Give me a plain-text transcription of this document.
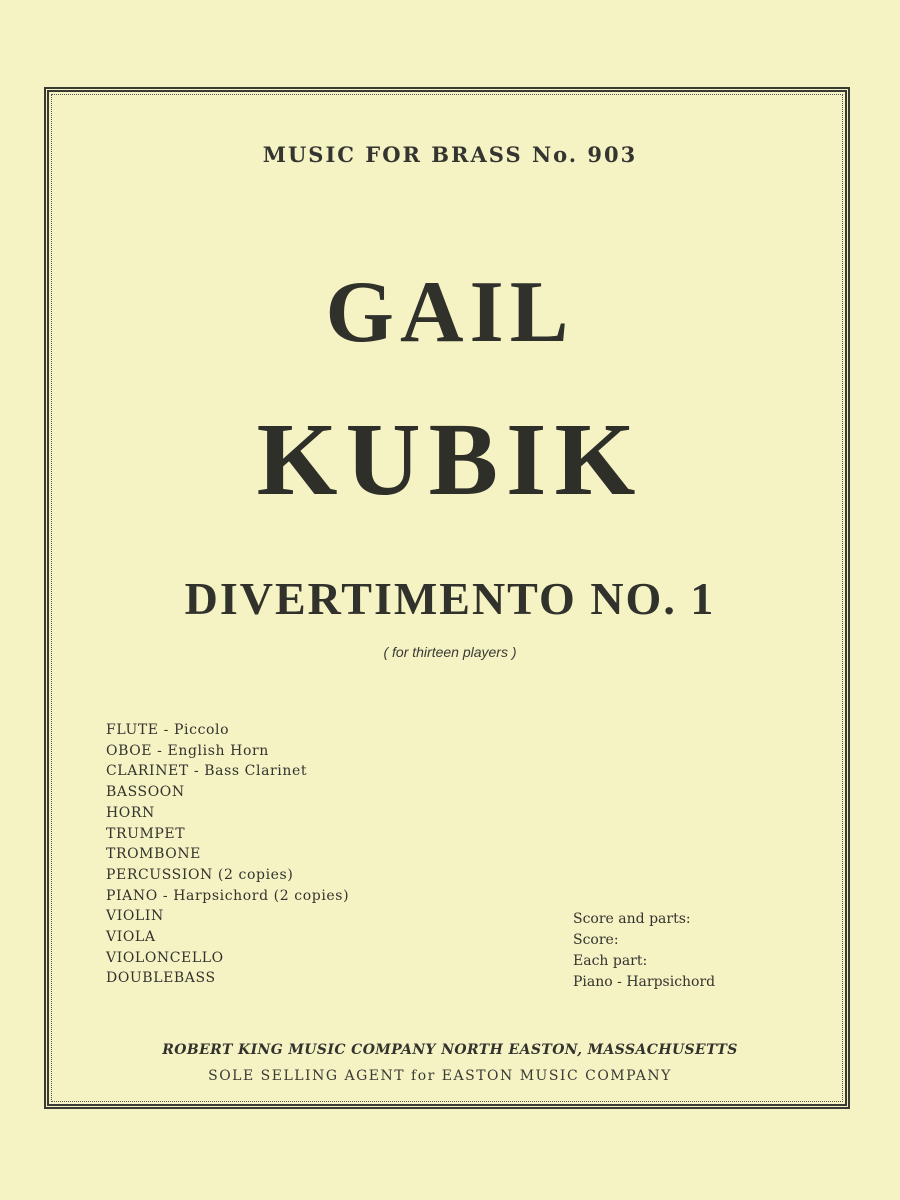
MUSIC FOR BRASS No. 903
GAIL
KUBIK
DIVERTIMENTO NO. 1
( for thirteen players )
FLUTE - Piccolo
OBOE - English Horn
CLARINET - Bass Clarinet
BASSOON
HORN
TRUMPET
TROMBONE
PERCUSSION (2 copies)
PIANO - Harpsichord (2 copies)
VIOLIN
VIOLA
VIOLONCELLO
DOUBLEBASS
Score and parts:
Score:
Each part:
Piano - Harpsichord
ROBERT KING MUSIC COMPANY NORTH EASTON, MASSACHUSETTS
SOLE SELLING AGENT for EASTON MUSIC COMPANY
